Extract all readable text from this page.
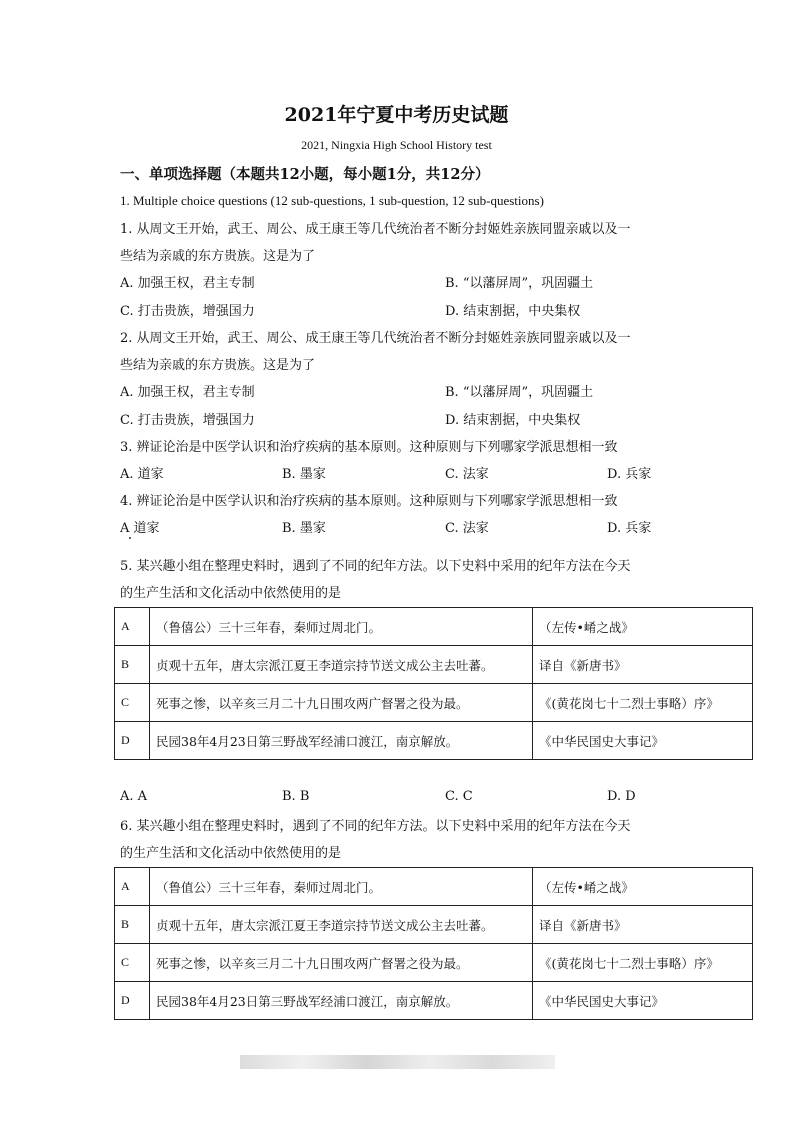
2021年宁夏中考历史试题
2021, Ningxia High School History test
一、单项选择题（本题共12小题，每小题1分，共12分）
1. Multiple choice questions (12 sub-questions, 1 sub-question, 12 sub-questions)
1. 从周文王开始，武王、周公、成王康王等几代统治者不断分封姬姓亲族同盟亲戚以及一
些结为亲戚的东方贵族。这是为了
A. 加强王权，君主专制	B. “以藩屏周”，巩固疆土
C. 打击贵族，增强国力	D. 结束割据，中央集权
2. 从周文王开始，武王、周公、成王康王等几代统治者不断分封姬姓亲族同盟亲戚以及一
些结为亲戚的东方贵族。这是为了
A. 加强王权，君主专制	B. “以藩屏周”，巩固疆土
C. 打击贵族，增强国力	D. 结束割据，中央集权
3. 辨证论治是中医学认识和治疗疾病的基本原则。这种原则与下列哪家学派思想相一致
A. 道家	B. 墨家	C. 法家	D. 兵家
4. 辨证论治是中医学认识和治疗疾病的基本原则。这种原则与下列哪家学派思想相一致
A 道家	B. 墨家	C. 法家	D. 兵家
5. 某兴趣小组在整理史料时，遇到了不同的纪年方法。以下史料中采用的纪年方法在今天
的生产生活和文化活动中依然使用的是
A	（鲁僖公）三十三年春，秦师过周北门。	（左传•崤之战》
B	贞观十五年，唐太宗派江夏王李道宗持节送文成公主去吐蕃。	译自《新唐书》
C	死事之惨，以辛亥三月二十九日围攻两广督署之役为最。	《(黄花岗七十二烈士事略）序》
D	民园38年4月23日第三野战军经浦口渡江，南京解放。	《中华民国史大事记》
A. A	B. B	C. C	D. D
6. 某兴趣小组在整理史料时，遇到了不同的纪年方法。以下史料中采用的纪年方法在今天
的生产生活和文化活动中依然使用的是
A	（鲁值公）三十三年春，秦师过周北门。	（左传•崤之战》
B	贞观十五年，唐太宗派江夏王李道宗持节送文成公主去吐蕃。	译自《新唐书》
C	死事之惨，以辛亥三月二十九日围攻两广督署之役为最。	《(黄花岗七十二烈士事略）序》
D	民园38年4月23日第三野战军经浦口渡江，南京解放。	《中华民国史大事记》
